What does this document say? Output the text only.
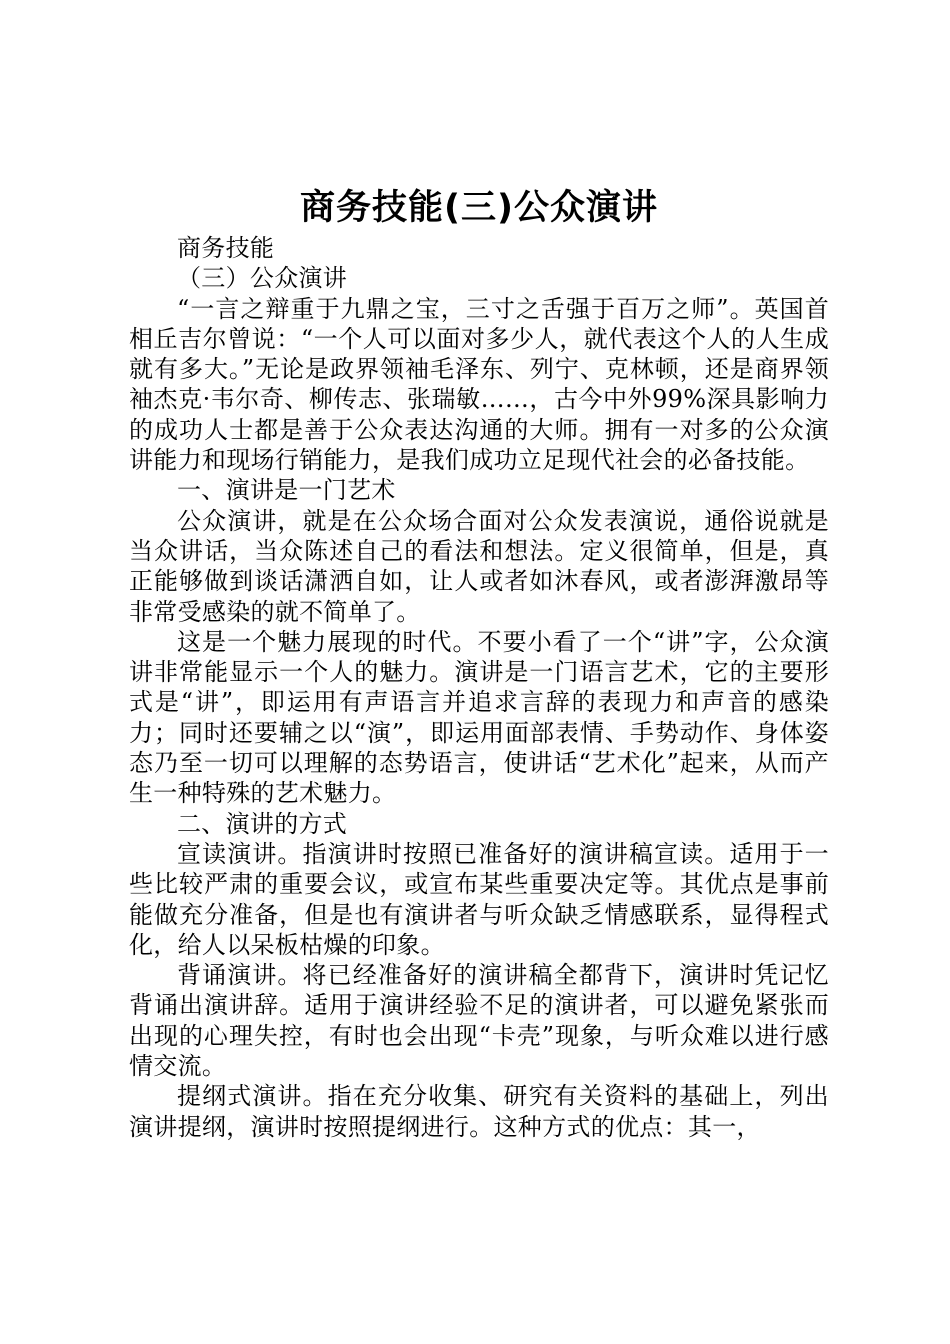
商务技能(三)公众演讲

商务技能

（三）公众演讲

“一言之辩重于九鼎之宝，三寸之舌强于百万之师”。英国首相丘吉尔曾说：“一个人可以面对多少人，就代表这个人的人生成就有多大。”无论是政界领袖毛泽东、列宁、克林顿，还是商界领袖杰克·韦尔奇、柳传志、张瑞敏……，古今中外99%深具影响力的成功人士都是善于公众表达沟通的大师。拥有一对多的公众演讲能力和现场行销能力，是我们成功立足现代社会的必备技能。

一、演讲是一门艺术

公众演讲，就是在公众场合面对公众发表演说，通俗说就是当众讲话，当众陈述自己的看法和想法。定义很简单，但是，真正能够做到谈话潇洒自如，让人或者如沐春风，或者澎湃激昂等非常受感染的就不简单了。

这是一个魅力展现的时代。不要小看了一个“讲”字，公众演讲非常能显示一个人的魅力。演讲是一门语言艺术，它的主要形式是“讲”，即运用有声语言并追求言辞的表现力和声音的感染力；同时还要辅之以“演”，即运用面部表情、手势动作、身体姿态乃至一切可以理解的态势语言，使讲话“艺术化”起来，从而产生一种特殊的艺术魅力。

二、演讲的方式

宣读演讲。指演讲时按照已准备好的演讲稿宣读。适用于一些比较严肃的重要会议，或宣布某些重要决定等。其优点是事前能做充分准备，但是也有演讲者与听众缺乏情感联系，显得程式化，给人以呆板枯燥的印象。

背诵演讲。将已经准备好的演讲稿全都背下，演讲时凭记忆背诵出演讲辞。适用于演讲经验不足的演讲者，可以避免紧张而出现的心理失控，有时也会出现“卡壳”现象，与听众难以进行感情交流。

提纲式演讲。指在充分收集、研究有关资料的基础上，列出演讲提纲，演讲时按照提纲进行。这种方式的优点：其一，
